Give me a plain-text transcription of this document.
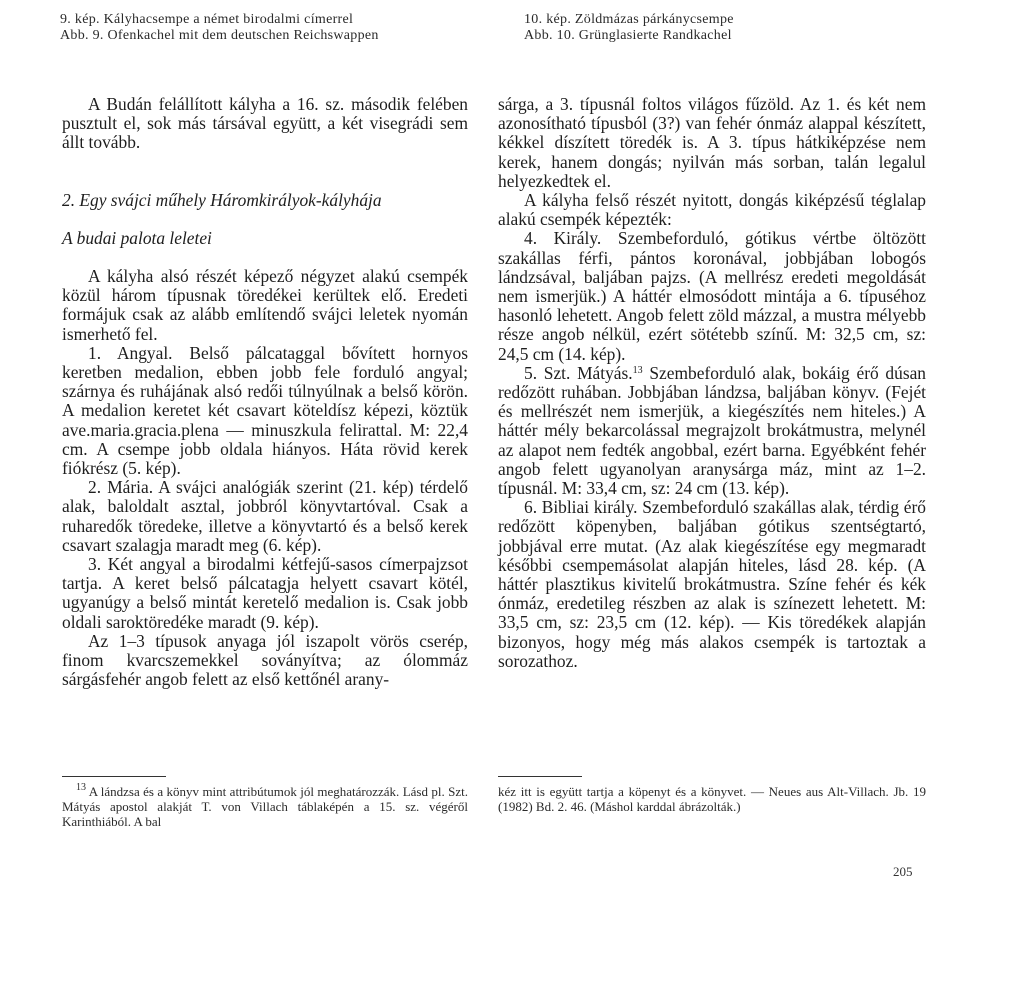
9. kép. Kályhacsempe a német birodalmi címerrel
Abb. 9. Ofenkachel mit dem deutschen Reichswappen
10. kép. Zöldmázas párkánycsempe
Abb. 10. Grünglasierte Randkachel

A Budán felállított kályha a 16. sz. második felében pusztult el, sok más társával együtt, a két visegrádi sem állt tovább.

2. Egy svájci műhely Háromkirályok-kályhája

A budai palota leletei

A kályha alsó részét képező négyzet alakú csempék közül három típusnak töredékei kerültek elő. Eredeti formájuk csak az alább említendő svájci leletek nyomán ismerhető fel.

1. Angyal. Belső pálcataggal bővített hornyos keretben medalion, ebben jobb fele forduló angyal; szárnya és ruhájának alsó redői túlnyúlnak a belső körön. A medalion keretet két csavart köteldísz képezi, köztük ave.maria.gracia.plena — minuszkula felirattal. M: 22,4 cm. A csempe jobb oldala hiányos. Háta rövid kerek fiókrész (5. kép).

2. Mária. A svájci analógiák szerint (21. kép) térdelő alak, baloldalt asztal, jobbról könyvtartóval. Csak a ruharedők töredeke, illetve a könyvtartó és a belső kerek csavart szalagja maradt meg (6. kép).

3. Két angyal a birodalmi kétfejű-sasos címerpajzsot tartja. A keret belső pálcatagja helyett csavart kötél, ugyanúgy a belső mintát keretelő medalion is. Csak jobb oldali saroktöredéke maradt (9. kép).

Az 1–3 típusok anyaga jól iszapolt vörös cserép, finom kvarcszemekkel soványítva; az ólommáz sárgásfehér angob felett az első kettőnél arany-

sárga, a 3. típusnál foltos világos fűzöld. Az 1. és két nem azonosítható típusból (3?) van fehér ónmáz alappal készített, kékkel díszített töredék is. A 3. típus hátkiképzése nem kerek, hanem dongás; nyilván más sorban, talán legalul helyezkedtek el.

A kályha felső részét nyitott, dongás kiképzésű téglalap alakú csempék képezték:

4. Király. Szembeforduló, gótikus vértbe öltözött szakállas férfi, pántos koronával, jobbjában lobogós lándzsával, baljában pajzs. (A mellrész eredeti megoldását nem ismerjük.) A háttér elmosódott mintája a 6. típuséhoz hasonló lehetett. Angob felett zöld mázzal, a mustra mélyebb része angob nélkül, ezért sötétebb színű. M: 32,5 cm, sz: 24,5 cm (14. kép).

5. Szt. Mátyás.$^{13}$ Szembeforduló alak, bokáig érő dúsan redőzött ruhában. Jobbjában lándzsa, baljában könyv. (Fejét és mellrészét nem ismerjük, a kiegészítés nem hiteles.) A háttér mély bekarcolással megrajzolt brokátmustra, melynél az alapot nem fedték angobbal, ezért barna. Egyébként fehér angob felett ugyanolyan aranysárga máz, mint az 1–2. típusnál. M: 33,4 cm, sz: 24 cm (13. kép).

6. Bibliai király. Szembeforduló szakállas alak, térdig érő redőzött köpenyben, baljában gótikus szentségtartó, jobbjával erre mutat. (Az alak kiegészítése egy megmaradt későbbi csempemásolat alapján hiteles, lásd 28. kép. (A háttér plasztikus kivitelű brokátmustra. Színe fehér és kék ónmáz, eredetileg részben az alak is színezett lehetett. M: 33,5 cm, sz: 23,5 cm (12. kép). — Kis töredékek alapján bizonyos, hogy még más alakos csempék is tartoztak a sorozathoz.

$^{13}$ A lándzsa és a könyv mint attribútumok jól meghatározzák. Lásd pl. Szt. Mátyás apostol alakját T. von Villach táblaképén a 15. sz. végéről Karinthiából. A bal

kéz itt is együtt tartja a köpenyt és a könyvet. — Neues aus Alt-Villach. Jb. 19 (1982) Bd. 2. 46. (Máshol karddal ábrázolták.)

205
